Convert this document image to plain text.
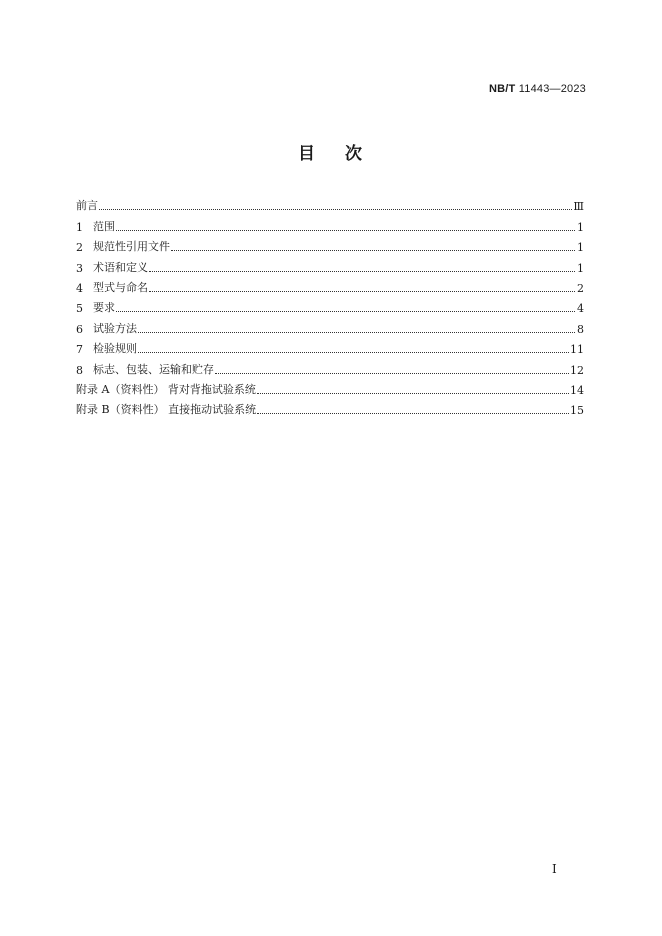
NB/T 11443—2023
目 次
前言	Ⅲ
1 范围	1
2 规范性引用文件	1
3 术语和定义	1
4 型式与命名	2
5 要求	4
6 试验方法	8
7 检验规则	11
8 标志、包装、运输和贮存	12
附录 A（资料性） 背对背拖试验系统	14
附录 B（资料性） 直接拖动试验系统	15
I
